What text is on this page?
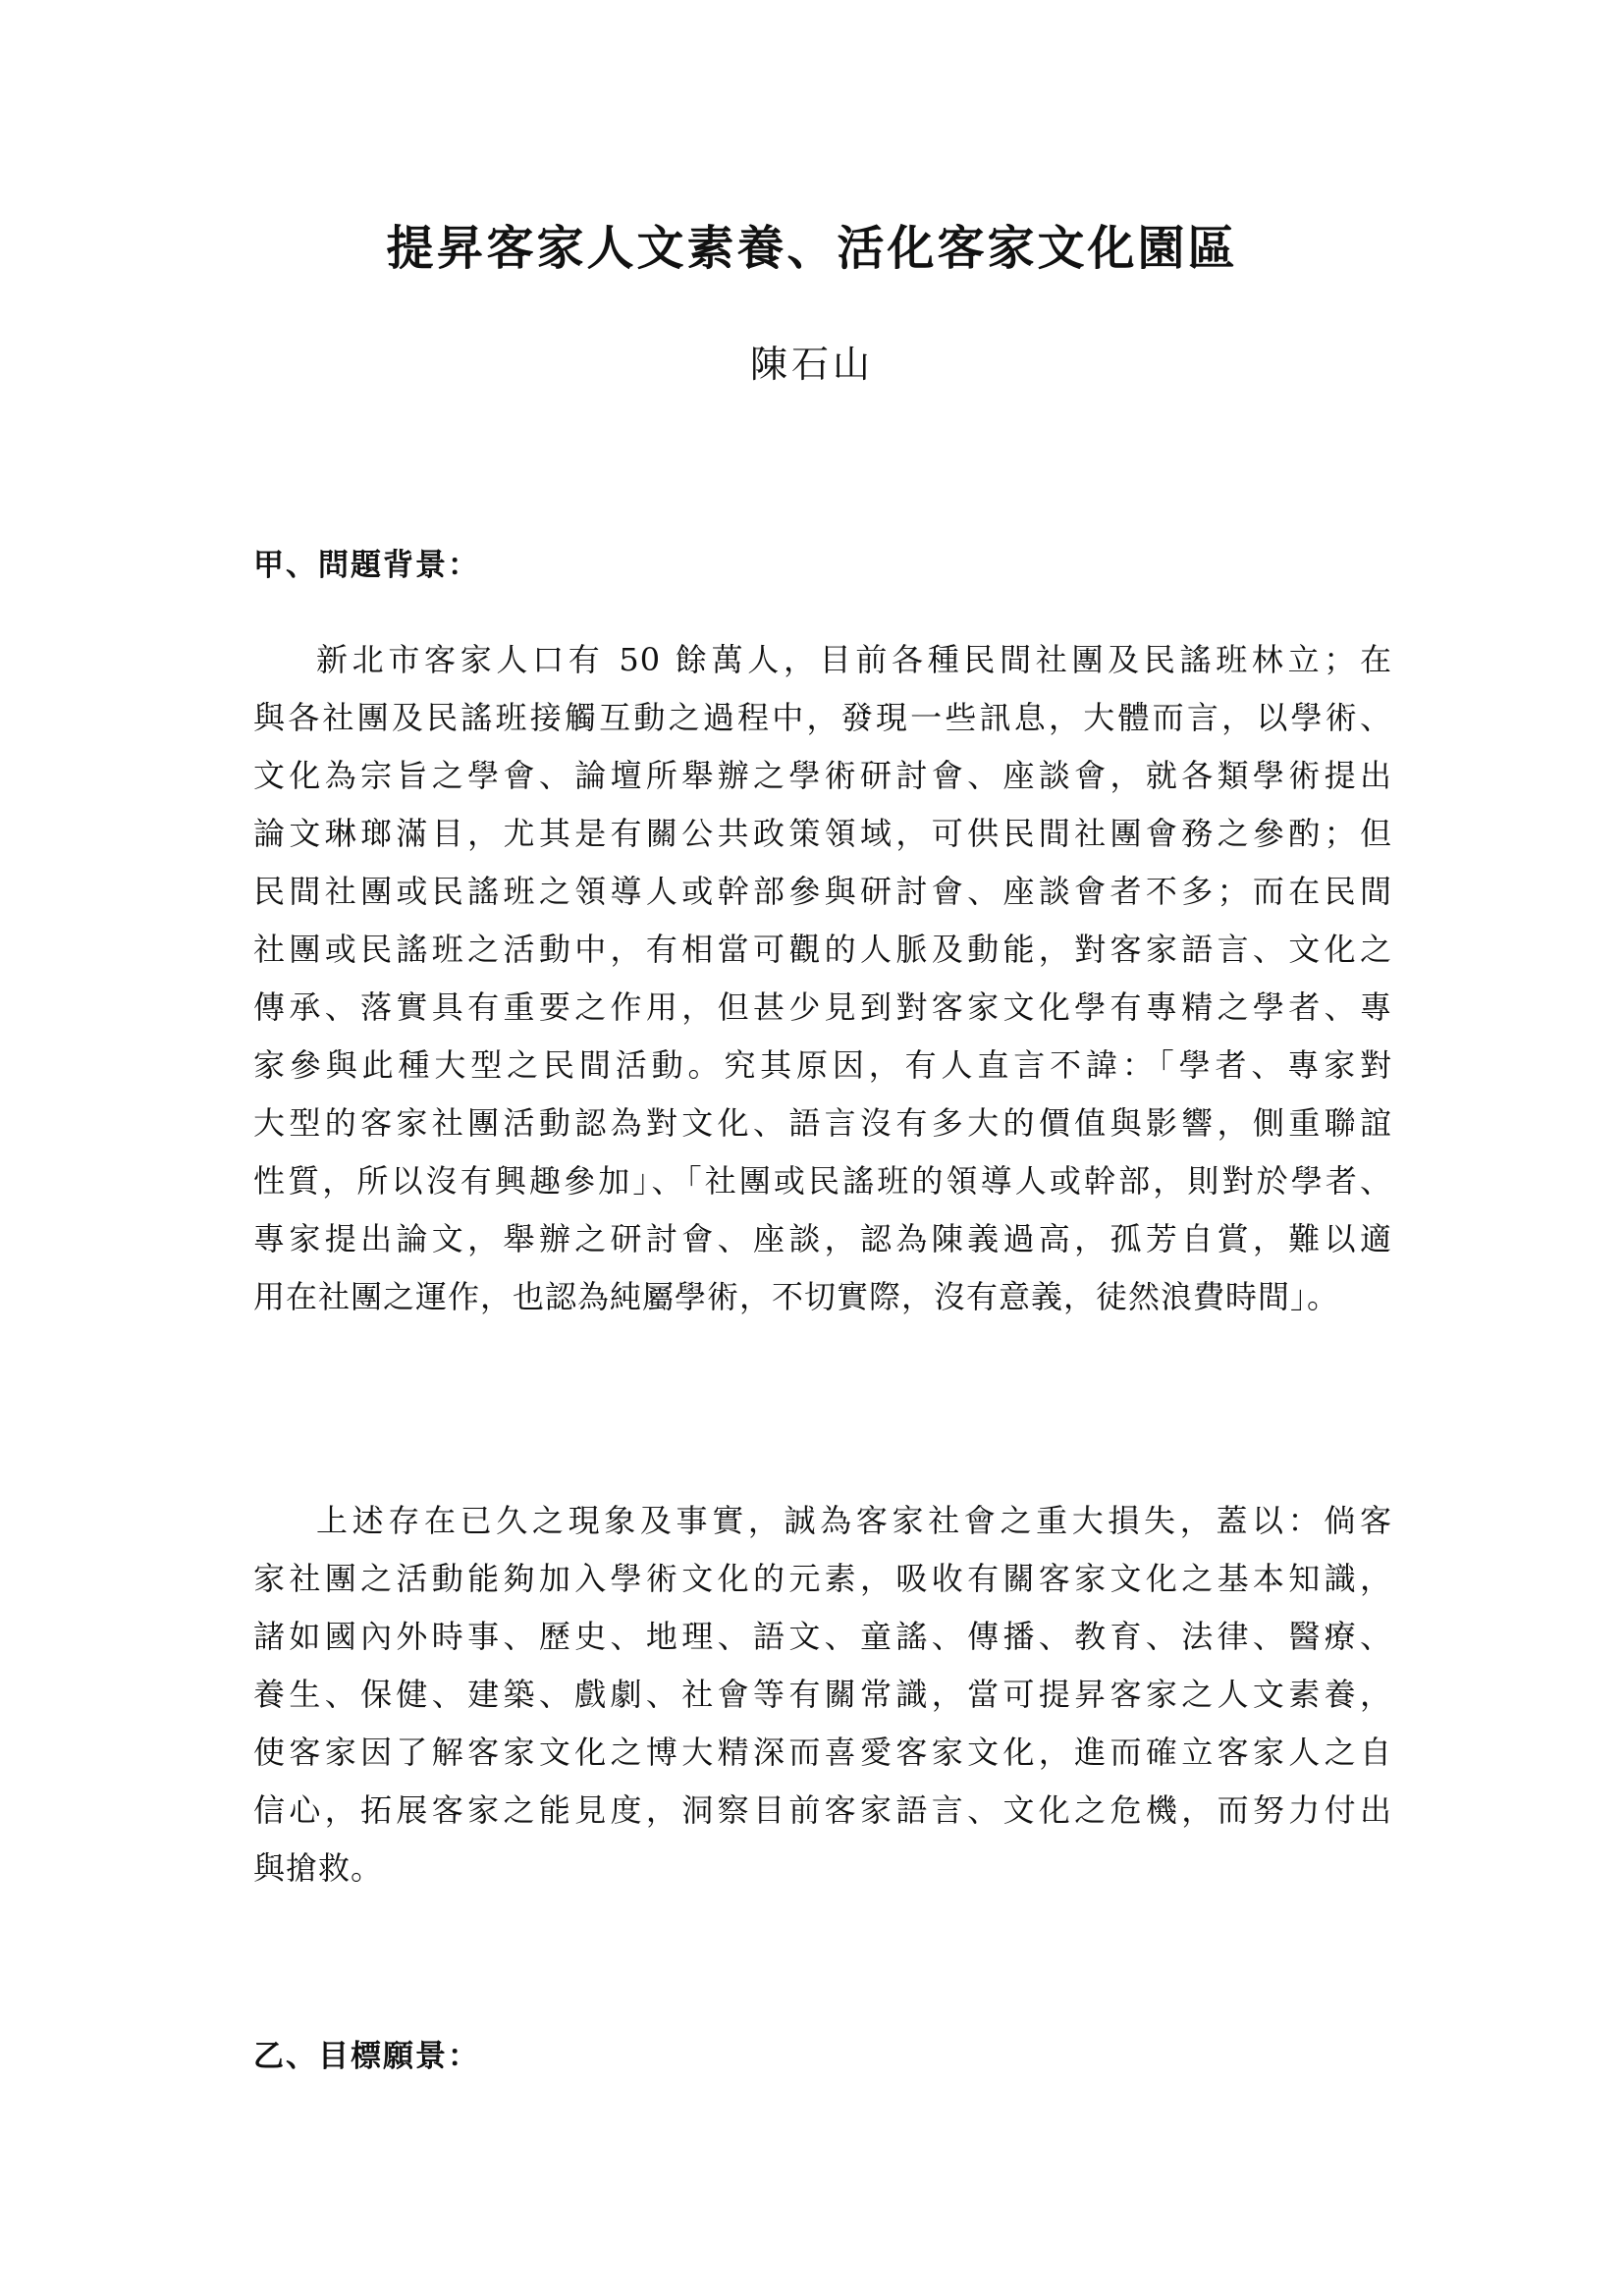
提昇客家人文素養、活化客家文化園區
陳石山
甲、問題背景：
新北市客家人口有 50 餘萬人，目前各種民間社團及民謠班林立；在
與各社團及民謠班接觸互動之過程中，發現一些訊息，大體而言，以學術、
文化為宗旨之學會、論壇所舉辦之學術研討會、座談會，就各類學術提出
論文琳瑯滿目，尤其是有關公共政策領域，可供民間社團會務之參酌；但
民間社團或民謠班之領導人或幹部參與研討會、座談會者不多；而在民間
社團或民謠班之活動中，有相當可觀的人脈及動能，對客家語言、文化之
傳承、落實具有重要之作用，但甚少見到對客家文化學有專精之學者、專
家參與此種大型之民間活動。究其原因，有人直言不諱：「學者、專家對
大型的客家社團活動認為對文化、語言沒有多大的價值與影響，側重聯誼
性質，所以沒有興趣參加」、「社團或民謠班的領導人或幹部，則對於學者、
專家提出論文，舉辦之研討會、座談，認為陳義過高，孤芳自賞，難以適
用在社團之運作，也認為純屬學術，不切實際，沒有意義，徒然浪費時間」。
上述存在已久之現象及事實，誠為客家社會之重大損失，蓋以：倘客
家社團之活動能夠加入學術文化的元素，吸收有關客家文化之基本知識，
諸如國內外時事、歷史、地理、語文、童謠、傳播、教育、法律、醫療、
養生、保健、建築、戲劇、社會等有關常識，當可提昇客家之人文素養，
使客家因了解客家文化之博大精深而喜愛客家文化，進而確立客家人之自
信心，拓展客家之能見度，洞察目前客家語言、文化之危機，而努力付出
與搶救。
乙、目標願景：
